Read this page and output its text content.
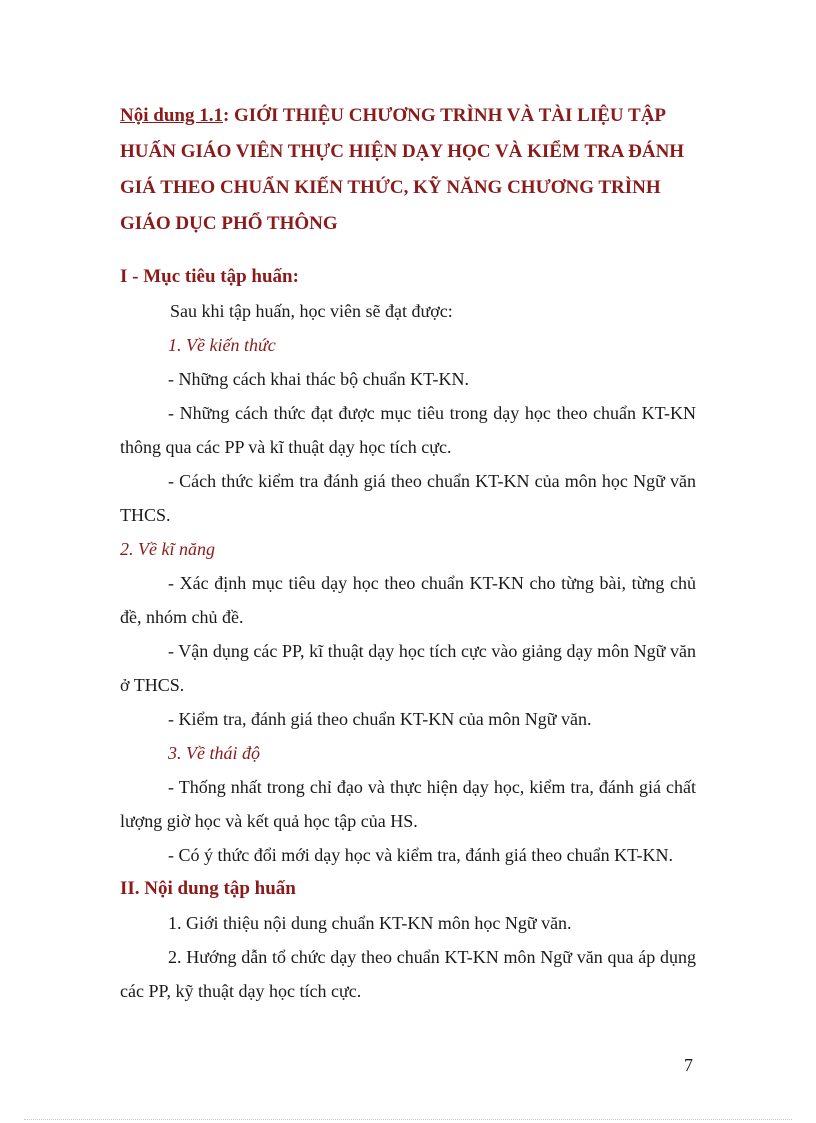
Nội dung 1.1: GIỚI THIỆU CHƯƠNG TRÌNH VÀ TÀI LIỆU TẬP HUẤN GIÁO VIÊN THỰC HIỆN DẠY HỌC VÀ KIỂM TRA ĐÁNH GIÁ THEO CHUẨN KIẾN THỨC, KỸ NĂNG CHƯƠNG TRÌNH GIÁO DỤC PHỔ THÔNG
I - Mục tiêu tập huấn:

Sau khi tập huấn, học viên sẽ đạt được:

1. Về kiến thức

- Những cách khai thác bộ chuẩn KT-KN.

- Những cách thức đạt được mục tiêu trong dạy học theo chuẩn KT-KN thông qua các PP và kĩ thuật dạy học tích cực.

- Cách thức kiểm tra đánh giá theo chuẩn KT-KN của môn học Ngữ văn THCS.

2. Về kĩ năng

- Xác định mục tiêu dạy học theo chuẩn KT-KN cho từng bài, từng chủ đề, nhóm chủ đề.

- Vận dụng các PP, kĩ thuật dạy học tích cực vào giảng dạy môn Ngữ văn ở THCS.

- Kiểm tra, đánh giá theo chuẩn KT-KN của môn Ngữ văn.

3. Về thái độ

- Thống nhất trong chỉ đạo và thực hiện dạy học, kiểm tra, đánh giá chất lượng giờ học và kết quả học tập của HS.

- Có ý thức đổi mới dạy học và kiểm tra, đánh giá theo chuẩn KT-KN.

II. Nội dung tập huấn

1. Giới thiệu nội dung chuẩn KT-KN môn học Ngữ văn.

2. Hướng dẫn tổ chức dạy theo chuẩn KT-KN môn Ngữ văn qua áp dụng các PP, kỹ thuật dạy học tích cực.

7
